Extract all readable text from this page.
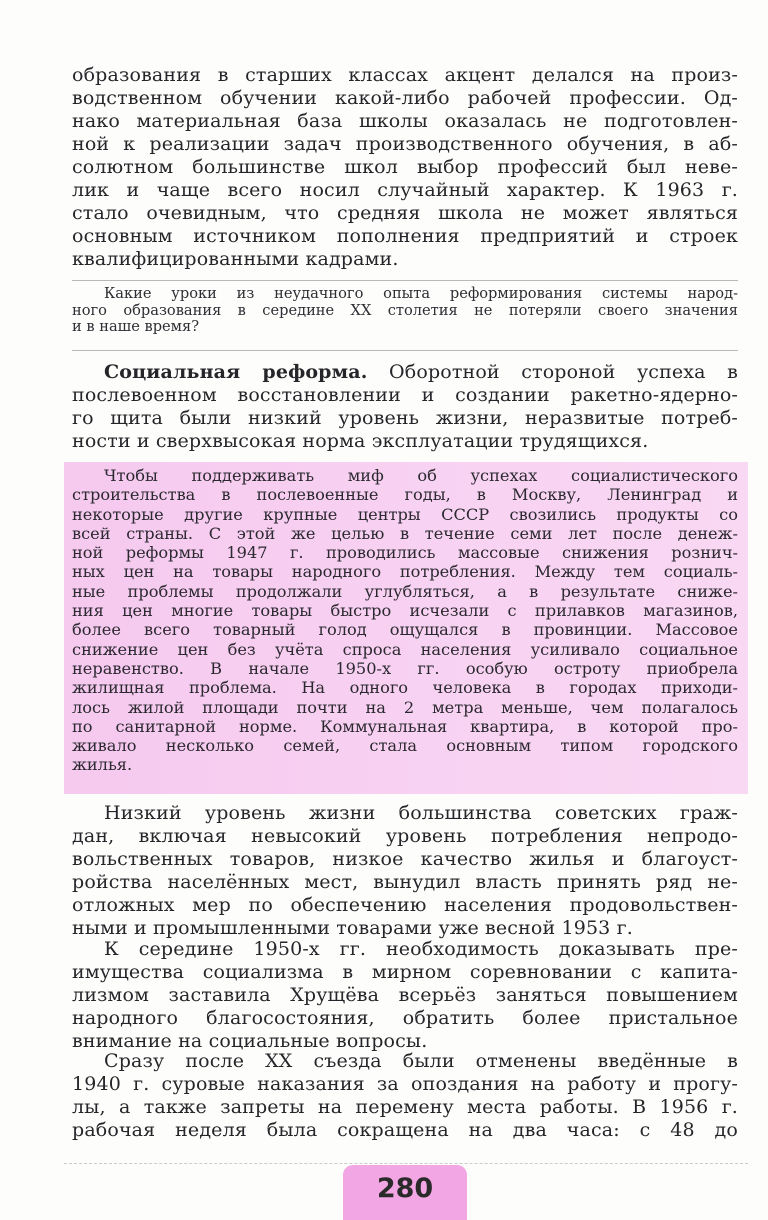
образования в старших классах акцент делался на произ-
водственном обучении какой-либо рабочей профессии. Од-
нако материальная база школы оказалась не подготовлен-
ной к реализации задач производственного обучения, в аб-
солютном большинстве школ выбор профессий был неве-
лик и чаще всего носил случайный характер. К 1963 г.
стало очевидным, что средняя школа не может являться
основным источником пополнения предприятий и строек
квалифицированными кадрами.
Какие уроки из неудачного опыта реформирования системы народ-
ного образования в середине XX столетия не потеряли своего значения
и в наше время?
Социальная реформа. Оборотной стороной успеха в
послевоенном восстановлении и создании ракетно-ядерно-
го щита были низкий уровень жизни, неразвитые потреб-
ности и сверхвысокая норма эксплуатации трудящихся.
Чтобы поддерживать миф об успехах социалистического
строительства в послевоенные годы, в Москву, Ленинград и
некоторые другие крупные центры СССР свозились продукты со
всей страны. С этой же целью в течение семи лет после денеж-
ной реформы 1947 г. проводились массовые снижения рознич-
ных цен на товары народного потребления. Между тем социаль-
ные проблемы продолжали углубляться, а в результате сниже-
ния цен многие товары быстро исчезали с прилавков магазинов,
более всего товарный голод ощущался в провинции. Массовое
снижение цен без учёта спроса населения усиливало социальное
неравенство. В начале 1950-х гг. особую остроту приобрела
жилищная проблема. На одного человека в городах приходи-
лось жилой площади почти на 2 метра меньше, чем полагалось
по санитарной норме. Коммунальная квартира, в которой про-
живало несколько семей, стала основным типом городского
жилья.
Низкий уровень жизни большинства советских граж-
дан, включая невысокий уровень потребления непродо-
вольственных товаров, низкое качество жилья и благоуст-
ройства населённых мест, вынудил власть принять ряд не-
отложных мер по обеспечению населения продовольствен-
ными и промышленными товарами уже весной 1953 г.
К середине 1950-х гг. необходимость доказывать пре-
имущества социализма в мирном соревновании с капита-
лизмом заставила Хрущёва всерьёз заняться повышением
народного благосостояния, обратить более пристальное
внимание на социальные вопросы.
Сразу после XX съезда были отменены введённые в
1940 г. суровые наказания за опоздания на работу и прогу-
лы, а также запреты на перемену места работы. В 1956 г.
рабочая неделя была сокращена на два часа: с 48 до
280
